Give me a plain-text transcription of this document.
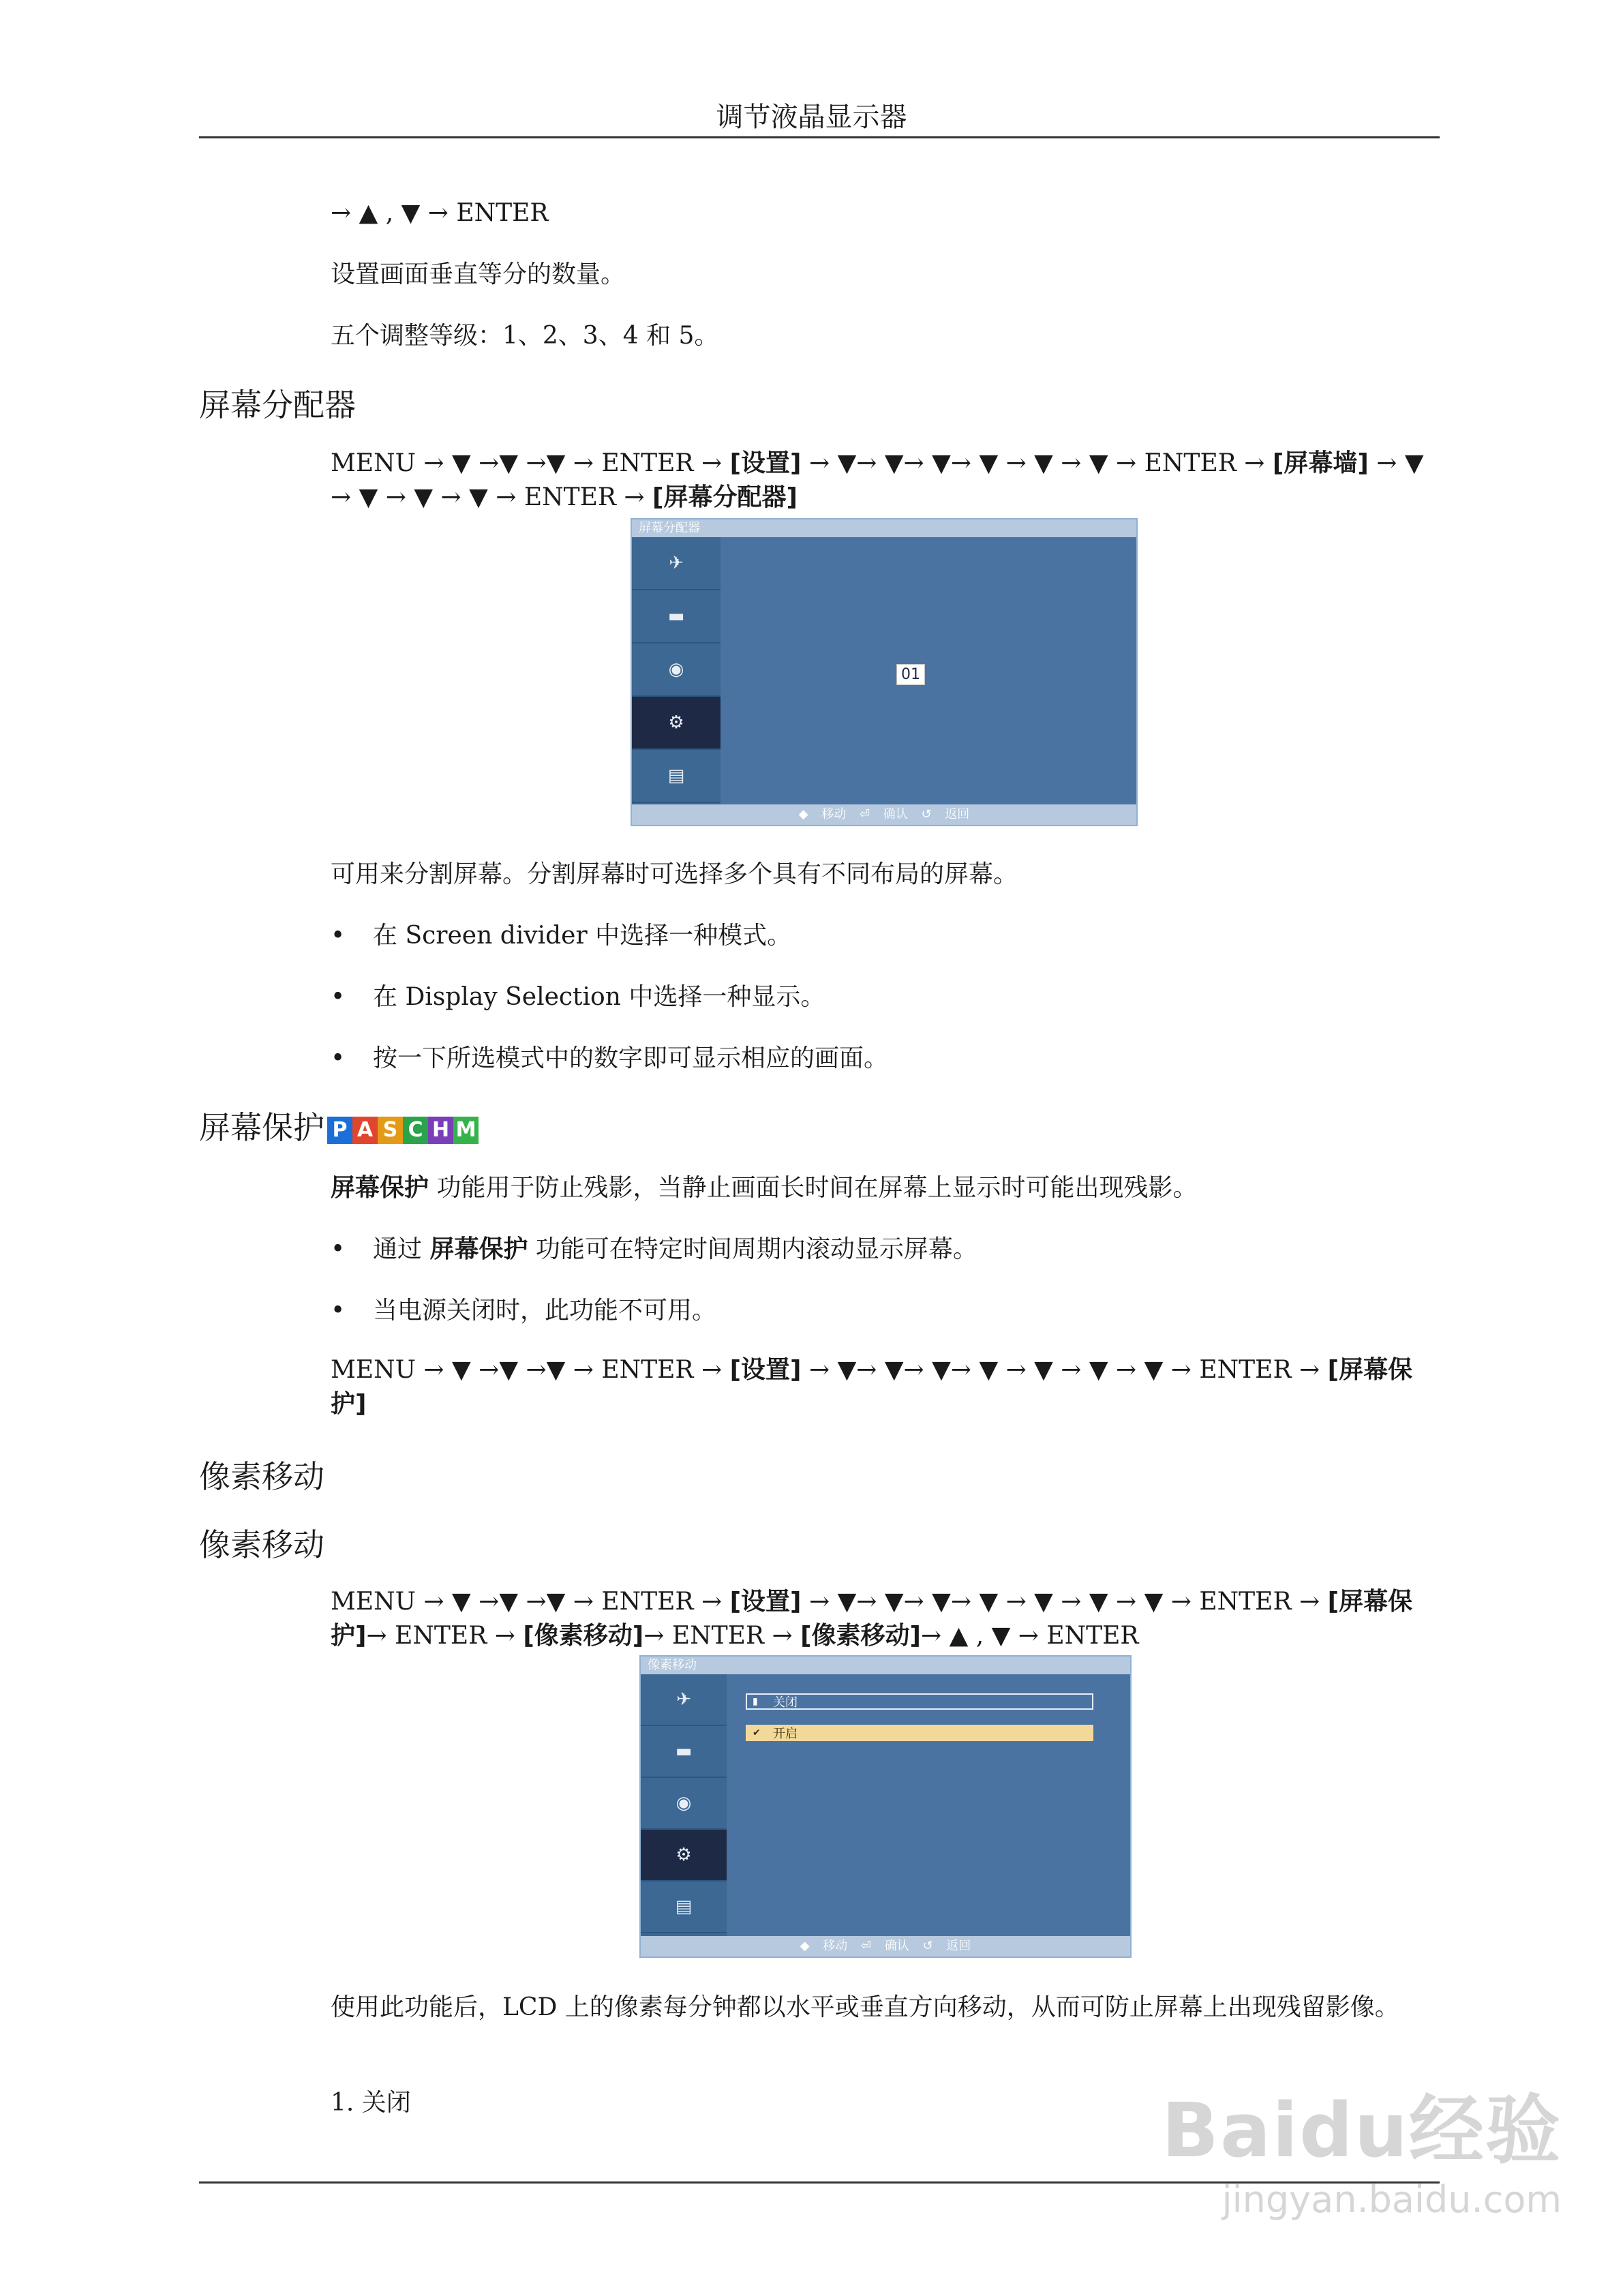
调节液晶显示器
→ ▲ , ▼ → ENTER
设置画面垂直等分的数量。
五个调整等级：1、2、3、4 和 5。
屏幕分配器
MENU → ▼ →▼ →▼ → ENTER → [设置] → ▼→ ▼→ ▼→ ▼ → ▼ → ▼ → ENTER → [屏幕墙] → ▼ → ▼ → ▼ → ▼ → ENTER → [屏幕分配器]
屏幕分配器
✈
▬
◉
⚙
▤
01
◆ 移动 ⏎ 确认 ↺ 返回
可用来分割屏幕。分割屏幕时可选择多个具有不同布局的屏幕。
• 在 Screen divider 中选择一种模式。
• 在 Display Selection 中选择一种显示。
• 按一下所选模式中的数字即可显示相应的画面。
屏幕保护 P A S C H M
屏幕保护 功能用于防止残影，当静止画面长时间在屏幕上显示时可能出现残影。
• 通过 屏幕保护 功能可在特定时间周期内滚动显示屏幕。
• 当电源关闭时，此功能不可用。
MENU → ▼ →▼ →▼ → ENTER → [设置] → ▼→ ▼→ ▼→ ▼ → ▼ → ▼ → ▼ → ENTER → [屏幕保护]
像素移动
像素移动
MENU → ▼ →▼ →▼ → ENTER → [设置] → ▼→ ▼→ ▼→ ▼ → ▼ → ▼ → ▼ → ENTER → [屏幕保护]→ ENTER → [像素移动]→ ENTER → [像素移动]→ ▲ , ▼ → ENTER
像素移动
✈
▬
◉
⚙
▤
▮	关闭
✔ 开启
◆ 移动 ⏎ 确认 ↺ 返回
使用此功能后，LCD 上的像素每分钟都以水平或垂直方向移动，从而可防止屏幕上出现残留影像。
1. 关闭	Baidu经验
jingyan.baidu.com
